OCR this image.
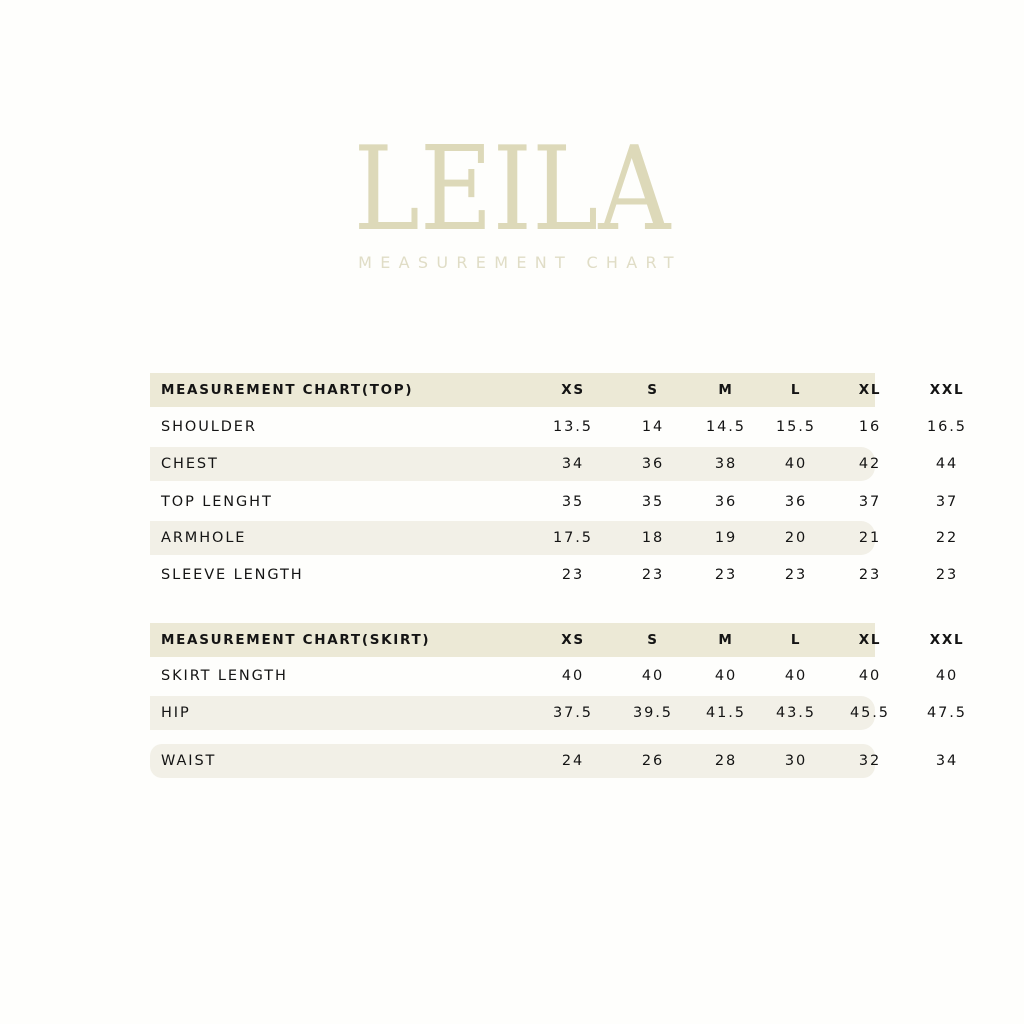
LEILA
MEASUREMENT CHART
MEASUREMENT CHART(TOP)	XS	S	M	L	XL	XXL
SHOULDER	13.5	14	14.5	15.5	16	16.5
CHEST	34	36	38	40	42	44
TOP LENGHT	35	35	36	36	37	37
ARMHOLE	17.5	18	19	20	21	22
SLEEVE LENGTH	23	23	23	23	23	23
MEASUREMENT CHART(SKIRT)	XS	S	M	L	XL	XXL
SKIRT LENGTH	40	40	40	40	40	40
HIP	37.5	39.5	41.5	43.5	45.5	47.5
WAIST	24	26	28	30	32	34
